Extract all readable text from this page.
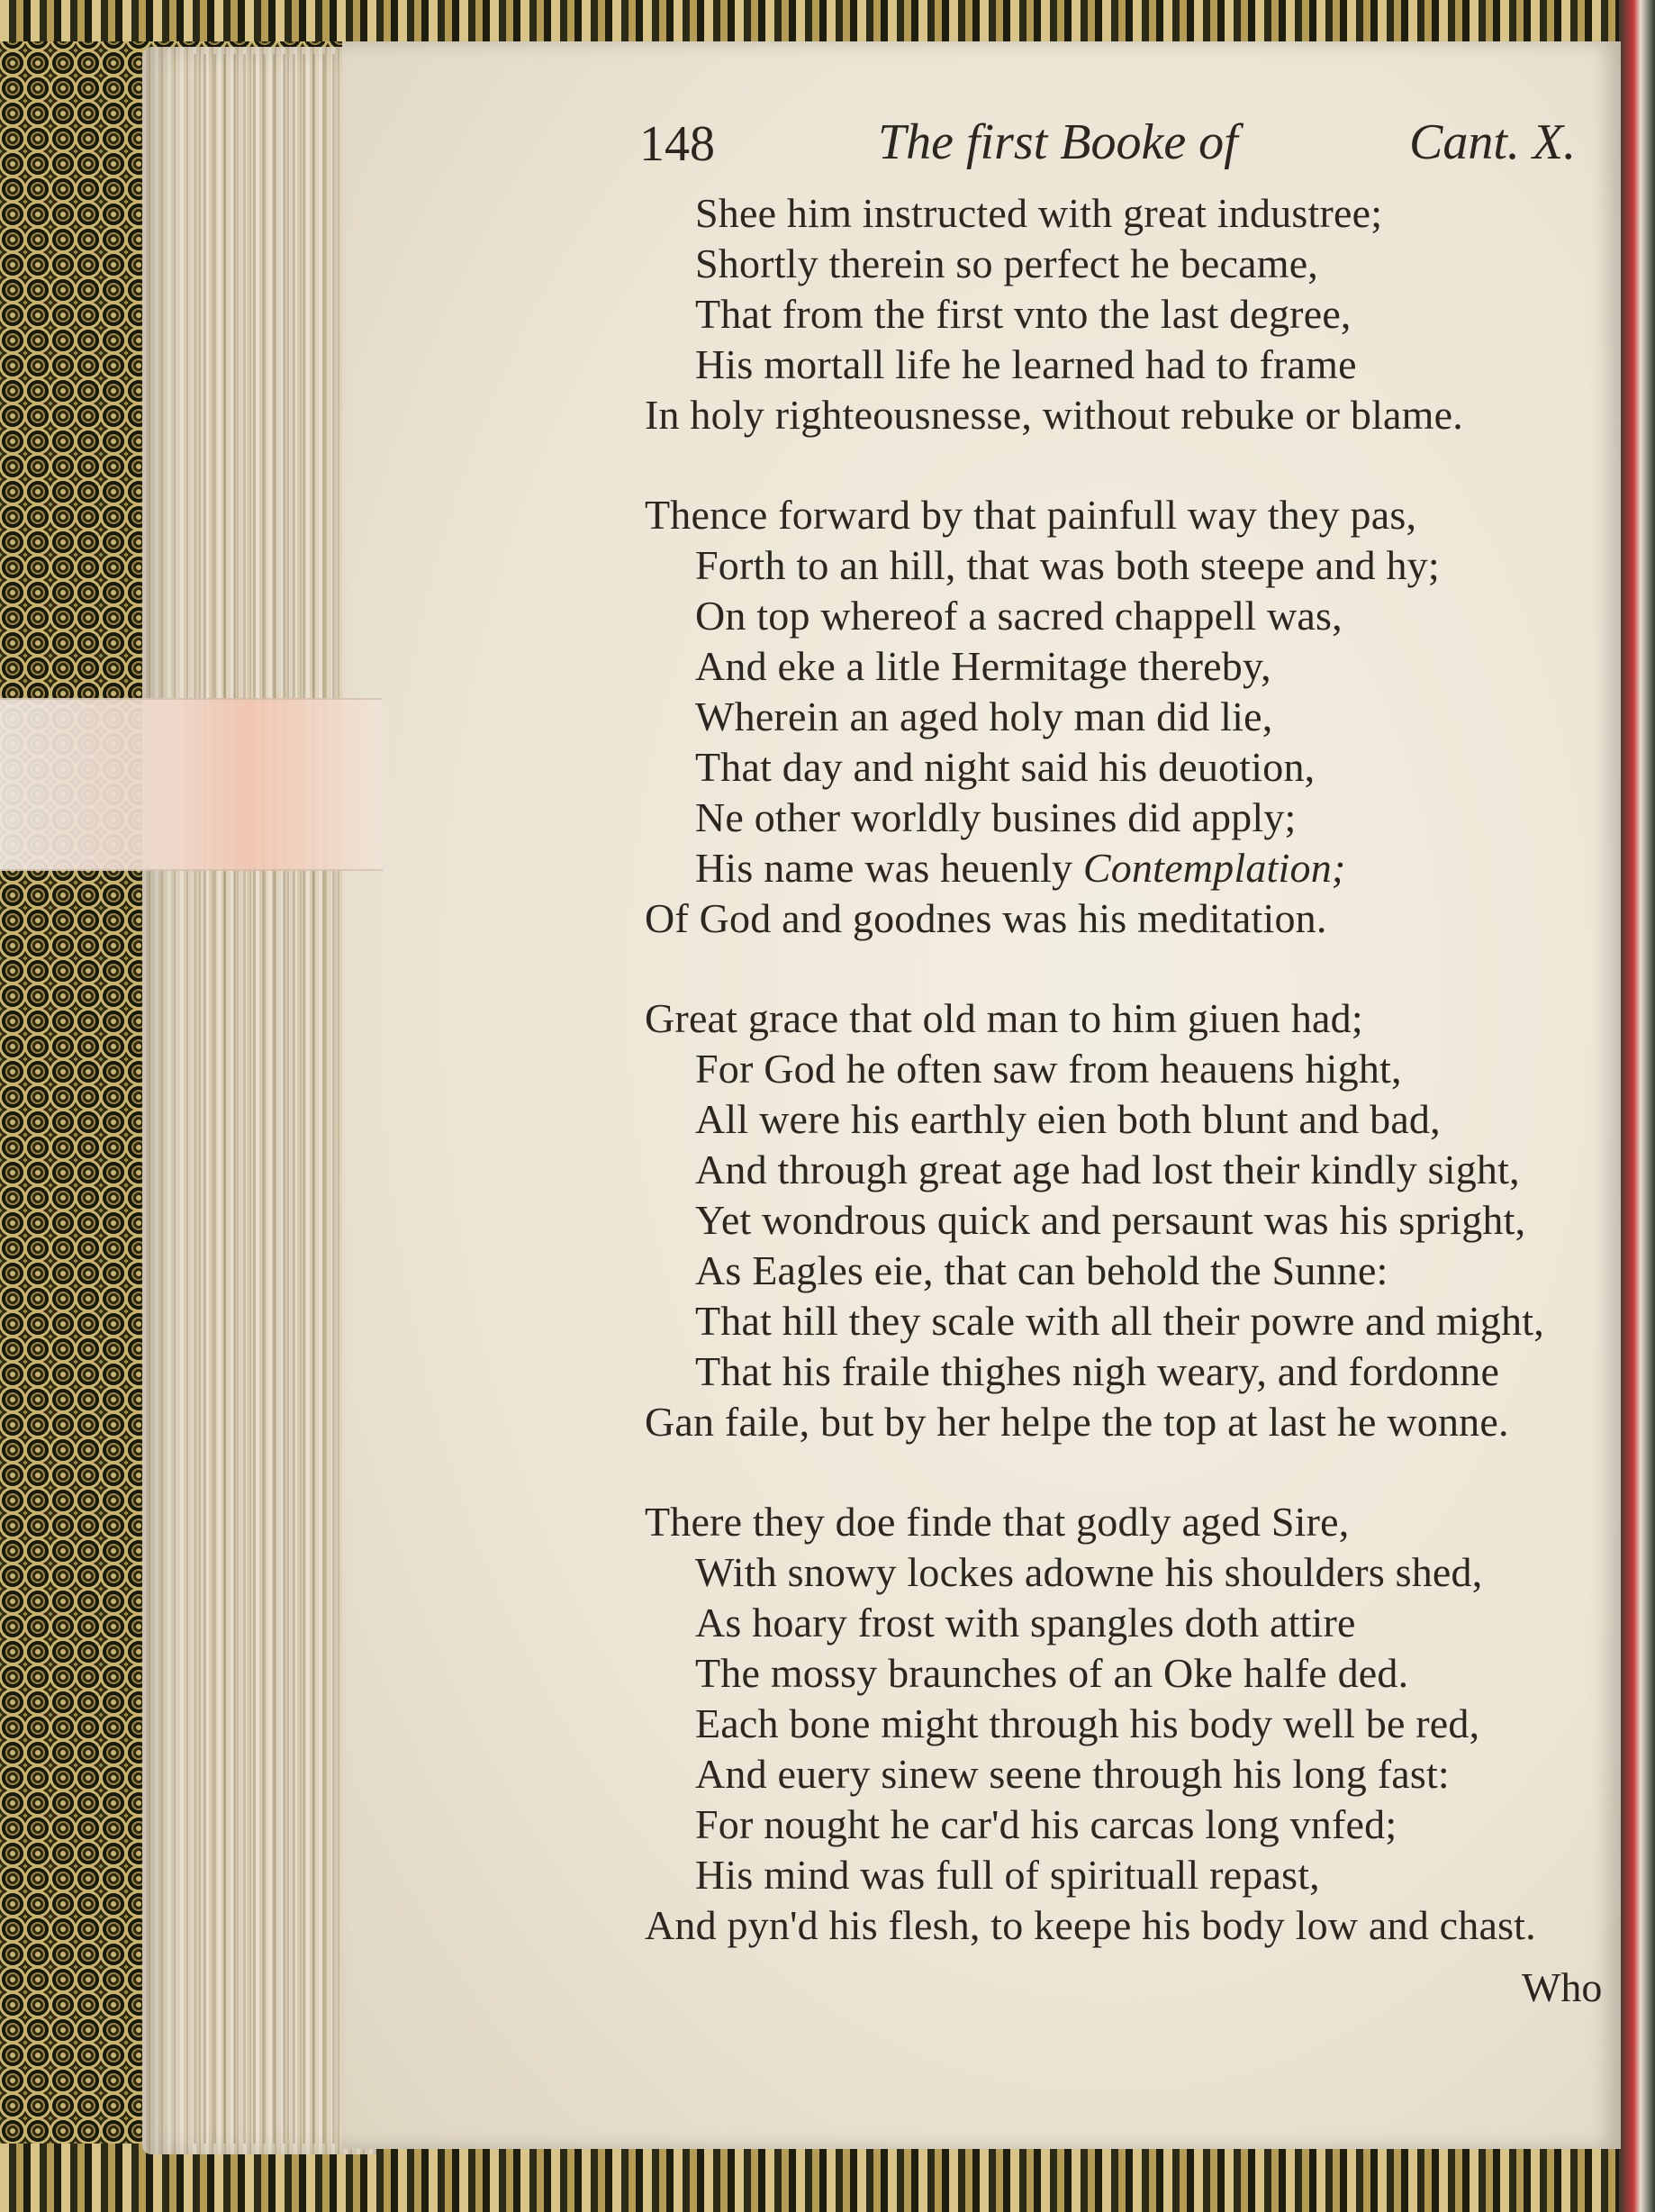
148	The first Booke of	Cant. X.
Shee him instructed with great industree;
Shortly therein so perfect he became,
That from the first vnto the last degree,
His mortall life he learned had to frame
In holy righteousnesse, without rebuke or blame.
Thence forward by that painfull way they pas,
Forth to an hill, that was both steepe and hy;
On top whereof a sacred chappell was,
And eke a litle Hermitage thereby,
Wherein an aged holy man did lie,
That day and night said his deuotion,
Ne other worldly busines did apply;
His name was heuenly Contemplation;
Of God and goodnes was his meditation.
Great grace that old man to him giuen had;
For God he often saw from heauens hight,
All were his earthly eien both blunt and bad,
And through great age had lost their kindly sight,
Yet wondrous quick and persaunt was his spright,
As Eagles eie, that can behold the Sunne:
That hill they scale with all their powre and might,
That his fraile thighes nigh weary, and fordonne
Gan faile, but by her helpe the top at last he wonne.
There they doe finde that godly aged Sire,
With snowy lockes adowne his shoulders shed,
As hoary frost with spangles doth attire
The mossy braunches of an Oke halfe ded.
Each bone might through his body well be red,
And euery sinew seene through his long fast:
For nought he car'd his carcas long vnfed;
His mind was full of spirituall repast,
And pyn'd his flesh, to keepe his body low and chast.
Who
